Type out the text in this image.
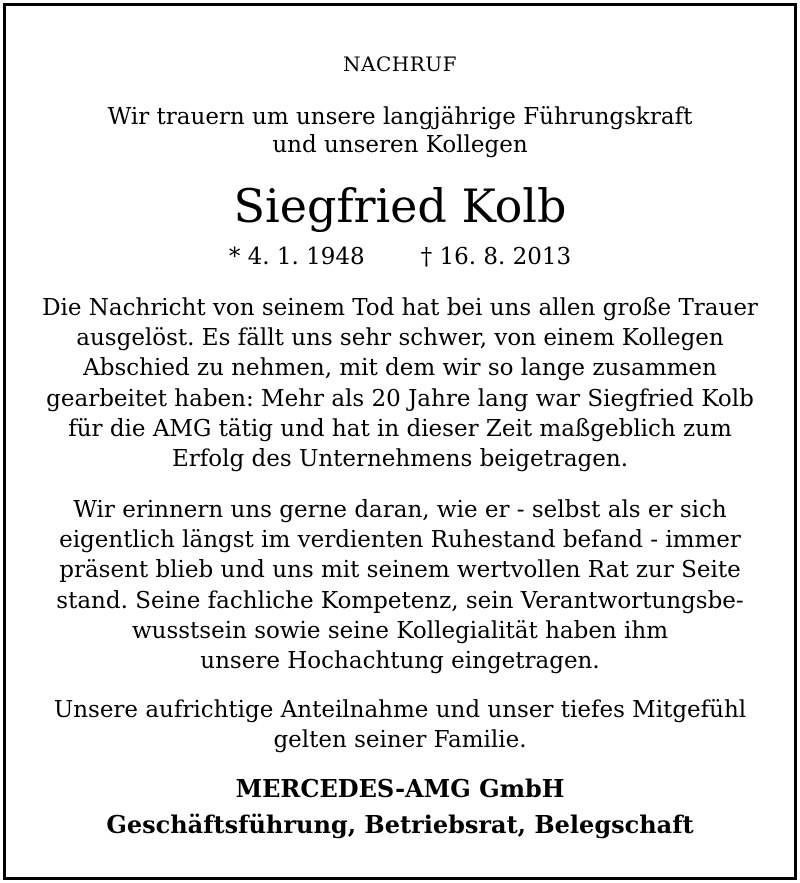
NACHRUF
Wir trauern um unsere langjährige Führungskraft
und unseren Kollegen
Siegfried Kolb
* 4. 1. 1948 † 16. 8. 2013
Die Nachricht von seinem Tod hat bei uns allen große Trauer
ausgelöst. Es fällt uns sehr schwer, von einem Kollegen
Abschied zu nehmen, mit dem wir so lange zusammen
gearbeitet haben: Mehr als 20 Jahre lang war Siegfried Kolb
für die AMG tätig und hat in dieser Zeit maßgeblich zum
Erfolg des Unternehmens beigetragen.
Wir erinnern uns gerne daran, wie er - selbst als er sich
eigentlich längst im verdienten Ruhestand befand - immer
präsent blieb und uns mit seinem wertvollen Rat zur Seite
stand. Seine fachliche Kompetenz, sein Verantwortungsbe-
wusstsein sowie seine Kollegialität haben ihm
unsere Hochachtung eingetragen.
Unsere aufrichtige Anteilnahme und unser tiefes Mitgefühl
gelten seiner Familie.
MERCEDES-AMG GmbH
Geschäftsführung, Betriebsrat, Belegschaft
